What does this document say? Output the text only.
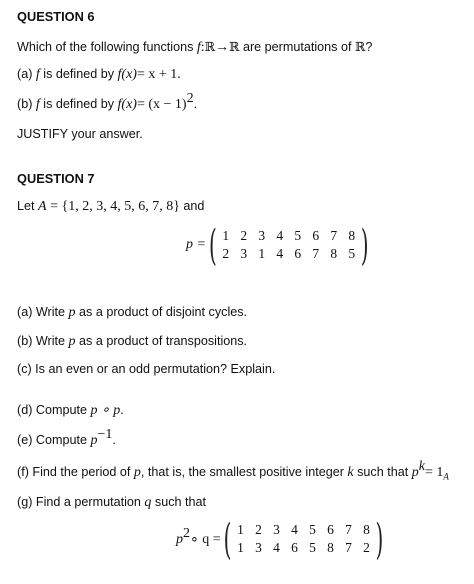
QUESTION 6
Which of the following functions f:ℝ→ℝ are permutations of ℝ?
(a) f is defined by f(x)= x + 1.
(b) f is defined by $f(x)= (x - 1)^2$.
JUSTIFY your answer.
QUESTION 7
Let A = {1, 2, 3, 4, 5, 6, 7, 8} and
p = ( 1 2 3 4 5 6 7 8
2 3 1 4 6 7 8 5 )
(a) Write p as a product of disjoint cycles.
(b) Write p as a product of transpositions.
(c) Is an even or an odd permutation? Explain.
(d) Compute p ∘ p.
(e) Compute $p^{-1}$.
(f) Find the period of p, that is, the smallest positive integer k such that $p^k= 1_A$
(g) Find a permutation q such that
$p^2\circ$ q = ( 1 2 3 4 5 6 7 8
1 3 4 6 5 8 7 2 )
